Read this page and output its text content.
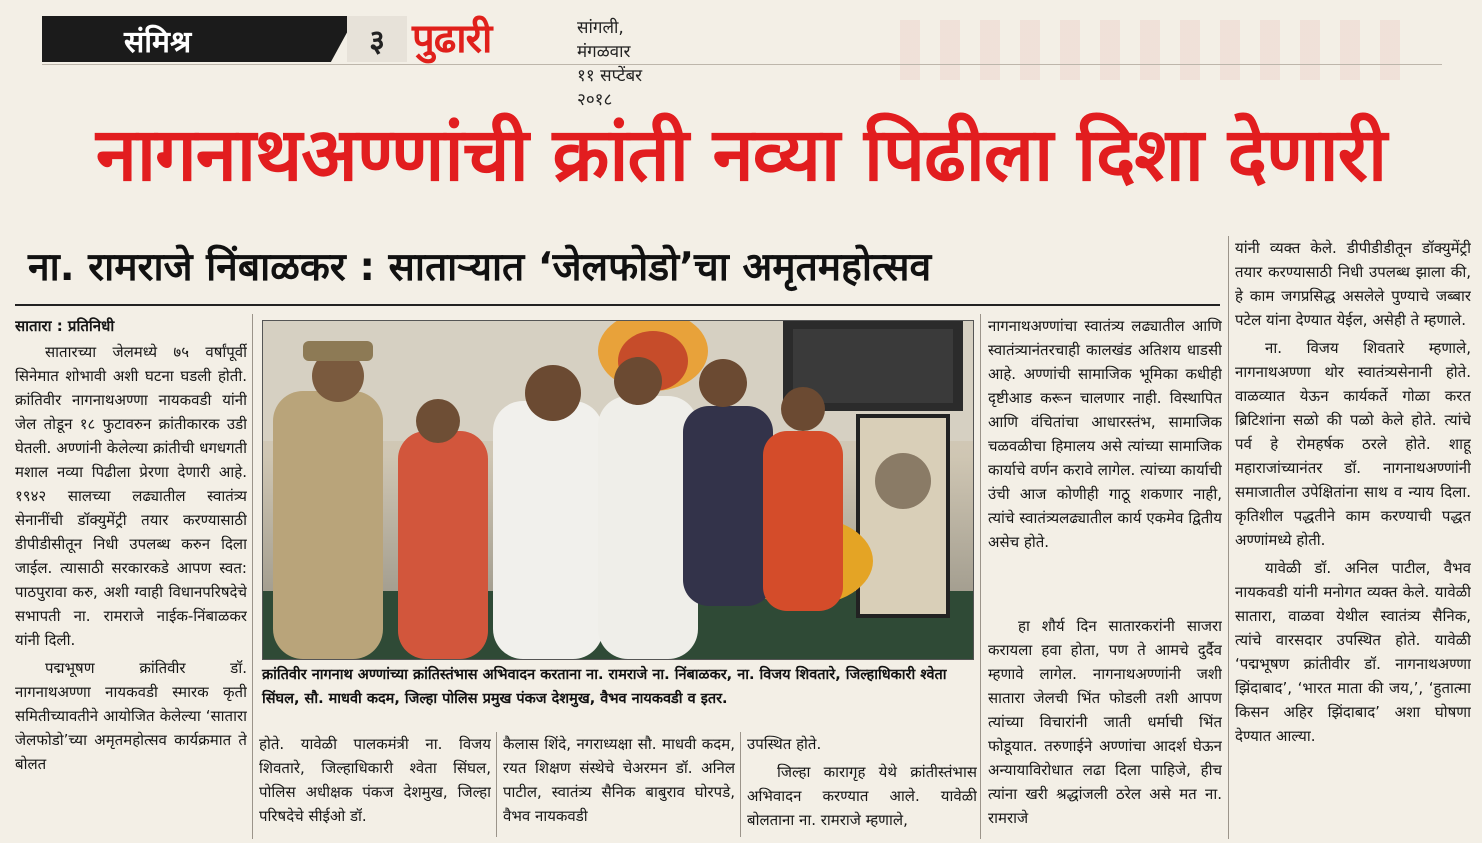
संमिश्र	३ पुढारी	सांगली, मंगळवार
११ सप्टेंबर २०१८
नागनाथअण्णांची क्रांती नव्या पिढीला दिशा देणारी
ना. रामराजे निंबाळकर : सातार्‍यात ‘जेलफोडो’चा अमृतमहोत्सव
सातारा : प्रतिनिधी

सातारच्या जेलमध्ये ७५ वर्षांपूर्वी सिनेमात शोभावी अशी घटना घडली होती. क्रांतिवीर नागनाथअण्णा नायकवडी यांनी जेल तोडून १८ फुटावरुन क्रांतीकारक उडी घेतली. अण्णांनी केलेल्या क्रांतीची धगधगती मशाल नव्या पिढीला प्रेरणा देणारी आहे. १९४२ सालच्या लढ्यातील स्वातंत्र्य सेनानींची डॉक्युमेंट्री तयार करण्यासाठी डीपीडीसीतून निधी उपलब्ध करुन दिला जाईल. त्यासाठी सरकारकडे आपण स्वत: पाठपुरावा करु, अशी ग्वाही विधानपरिषदेचे सभापती ना. रामराजे नाईक-निंबाळकर यांनी दिली.

पद्मभूषण क्रांतिवीर डॉ. नागनाथअण्णा नायकवडी स्मारक कृती समितीच्यावतीने आयोजित केलेल्या ‘सातारा जेलफोडो’च्या अमृतमहोत्सव कार्यक्रमात ते बोलत

क्रांतिवीर नागनाथ अण्णांच्या क्रांतिस्तंभास अभिवादन करताना ना. रामराजे ना. निंबाळकर, ना. विजय शिवतारे, जिल्हाधिकारी श्वेता सिंघल, सौ. माधवी कदम, जिल्हा पोलिस प्रमुख पंकज देशमुख, वैभव नायकवडी व इतर.

नागनाथअण्णांचा स्वातंत्र्य लढ्यातील आणि स्वातंत्र्यानंतरचाही कालखंड अतिशय धाडसी आहे. अण्णांची सामाजिक भूमिका कधीही दृष्टीआड करून चालणार नाही. विस्थापित आणि वंचितांचा आधारस्तंभ, सामाजिक चळवळीचा हिमालय असे त्यांच्या सामाजिक कार्याचे वर्णन करावे लागेल. त्यांच्या कार्याची उंची आज कोणीही गाठू शकणार नाही, त्यांचे स्वातंत्र्यलढ्यातील कार्य एकमेव द्वितीय असेच होते.

हा शौर्य दिन सातारकरांनी साजरा करायला हवा होता, पण ते आमचे दुर्दैव म्हणावे लागेल. नागनाथअण्णांनी जशी सातारा जेलची भिंत फोडली तशी आपण त्यांच्या विचारांनी जाती धर्माची भिंत फोडूयात. तरुणाईने अण्णांचा आदर्श घेऊन अन्यायाविरोधात लढा दिला पाहिजे, हीच त्यांना खरी श्रद्धांजली ठरेल असे मत ना. रामराजे

होते. यावेळी पालकमंत्री ना. विजय शिवतारे, जिल्हाधिकारी श्वेता सिंघल, पोलिस अधीक्षक पंकज देशमुख, जिल्हा परिषदेचे सीईओ डॉ.

कैलास शिंदे, नगराध्यक्षा सौ. माधवी कदम, रयत शिक्षण संस्थेचे चेअरमन डॉ. अनिल पाटील, स्वातंत्र्य सैनिक बाबुराव घोरपडे, वैभव नायकवडी

उपस्थित होते.

जिल्हा कारागृह येथे क्रांतीस्तंभास अभिवादन करण्यात आले. यावेळी बोलताना ना. रामराजे म्हणाले,

यांनी व्यक्त केले. डीपीडीडीतून डॉक्युमेंट्री तयार करण्यासाठी निधी उपलब्ध झाला की, हे काम जगप्रसिद्ध असलेले पुण्याचे जब्बार पटेल यांना देण्यात येईल, असेही ते म्हणाले.

ना. विजय शिवतारे म्हणाले, नागनाथअण्णा थोर स्वातंत्र्यसेनानी होते. वाळव्यात येऊन कार्यकर्ते गोळा करत ब्रिटिशांना सळो की पळो केले होते. त्यांचे पर्व हे रोमहर्षक ठरले होते. शाहू महाराजांच्यानंतर डॉ. नागनाथअण्णांनी समाजातील उपेक्षितांना साथ व न्याय दिला. कृतिशील पद्धतीने काम करण्याची पद्धत अण्णांमध्ये होती.

यावेळी डॉ. अनिल पाटील, वैभव नायकवडी यांनी मनोगत व्यक्त केले. यावेळी सातारा, वाळवा येथील स्वातंत्र्य सैनिक, त्यांचे वारसदार उपस्थित होते. यावेळी ‘पद्मभूषण क्रांतीवीर डॉ. नागनाथअण्णा झिंदाबाद’, ‘भारत माता की जय,’, ‘हुतात्मा किसन अहिर झिंदाबाद’ अशा घोषणा देण्यात आल्या.
